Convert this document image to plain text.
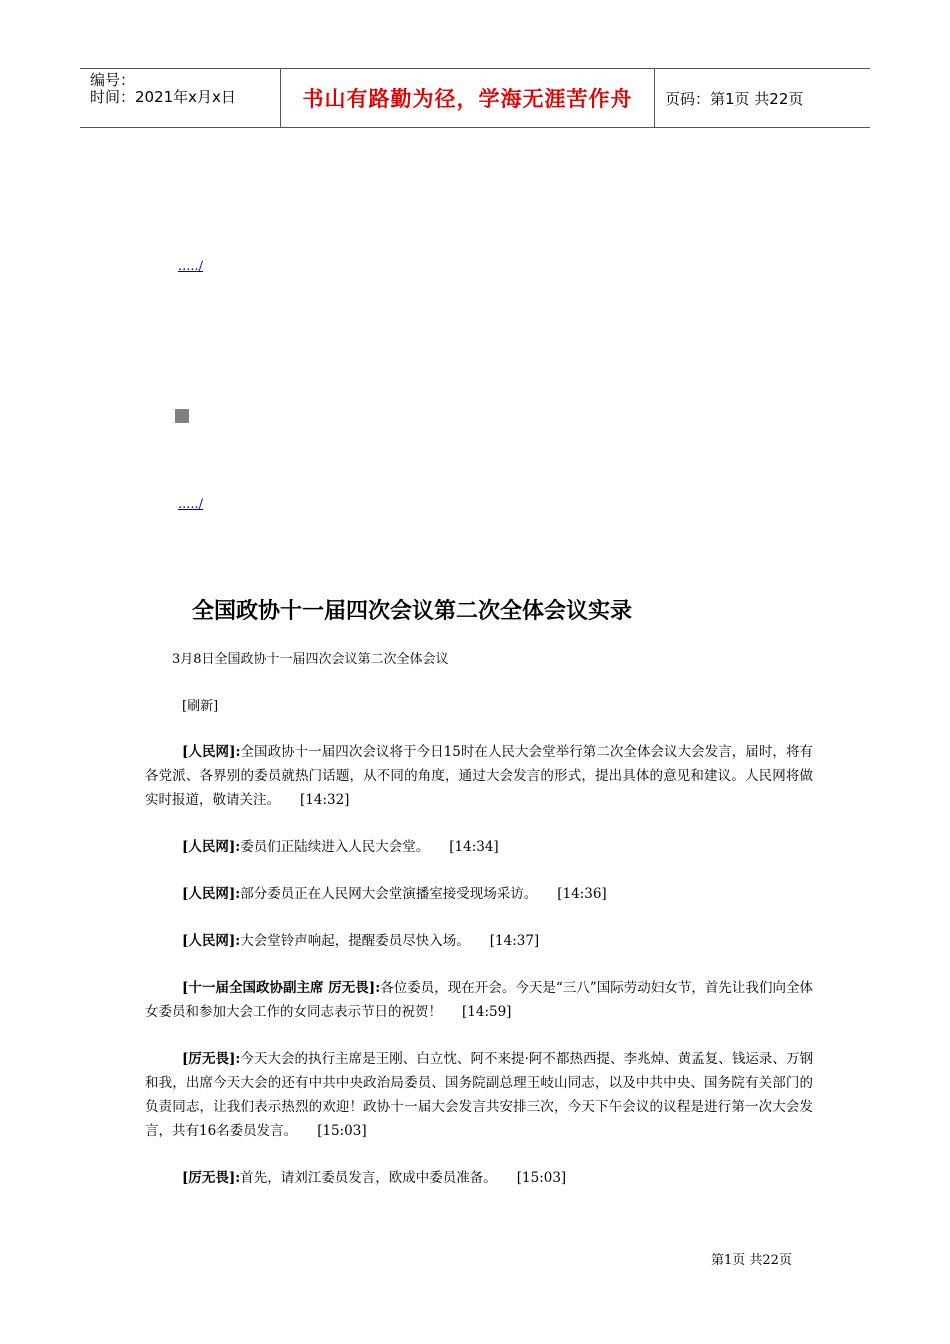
编号：
时间：2021年x月x日	书山有路勤为径，学海无涯苦作舟	页码：第1页 共22页
...../
...../
全国政协十一届四次会议第二次全体会议实录
3月8日全国政协十一届四次会议第二次全体会议
[刷新]

[人民网]:全国政协十一届四次会议将于今日15时在人民大会堂举行第二次全体会议大会发言，届时，将有各党派、各界别的委员就热门话题，从不同的角度，通过大会发言的形式，提出具体的意见和建议。人民网将做实时报道，敬请关注。 [14:32]

[人民网]:委员们正陆续进入人民大会堂。 [14:34]

[人民网]:部分委员正在人民网大会堂演播室接受现场采访。 [14:36]

[人民网]:大会堂铃声响起，提醒委员尽快入场。 [14:37]

[十一届全国政协副主席 厉无畏]:各位委员，现在开会。今天是“三八”国际劳动妇女节，首先让我们向全体女委员和参加大会工作的女同志表示节日的祝贺！ [14:59]

[厉无畏]:今天大会的执行主席是王刚、白立忱、阿不来提·阿不都热西提、李兆焯、黄孟复、钱运录、万钢和我，出席今天大会的还有中共中央政治局委员、国务院副总理王岐山同志，以及中共中央、国务院有关部门的负责同志，让我们表示热烈的欢迎！政协十一届大会发言共安排三次，今天下午会议的议程是进行第一次大会发言，共有16名委员发言。 [15:03]

[厉无畏]:首先，请刘江委员发言，欧成中委员准备。 [15:03]

第1页 共22页
